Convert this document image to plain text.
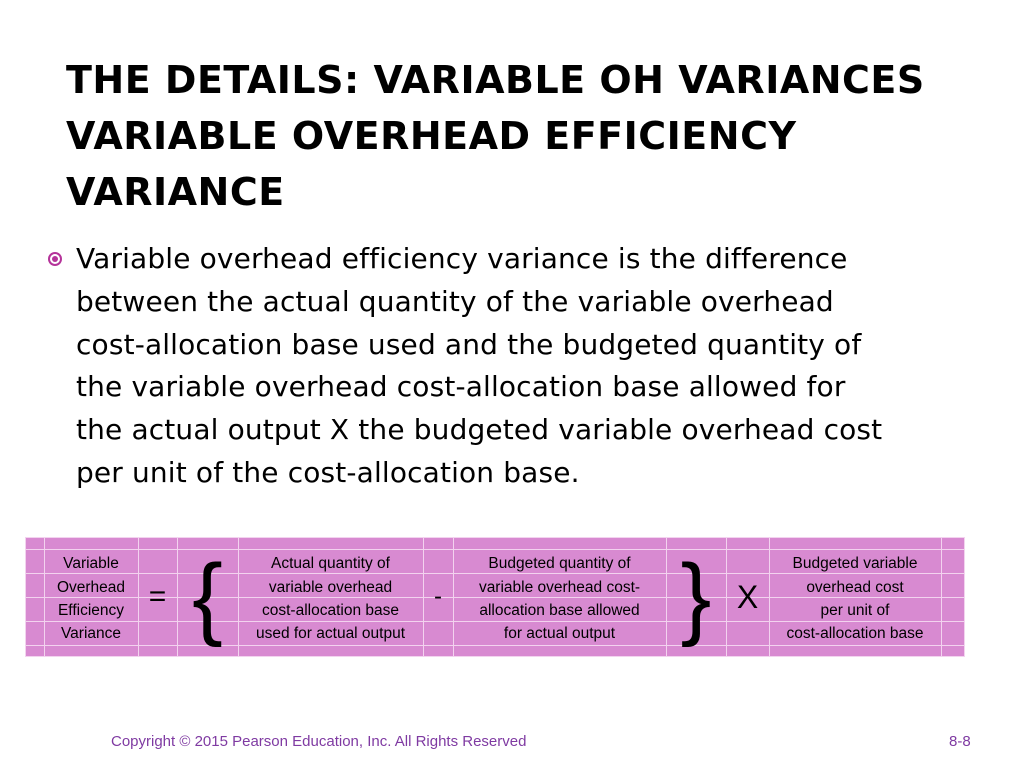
THE DETAILS: VARIABLE OH VARIANCES
VARIABLE OVERHEAD EFFICIENCY
VARIANCE
Variable overhead efficiency variance is the difference
between the actual quantity of the variable overhead
cost-allocation base used and the budgeted quantity of
the variable overhead cost-allocation base allowed for
the actual output X the budgeted variable overhead cost
per unit of the cost-allocation base.
Variable
Overhead
Efficiency
Variance
= {	Actual quantity of
variable overhead
cost-allocation base
used for actual output
-
Budgeted quantity of
variable overhead cost-
allocation base allowed
for actual output } X
Budgeted variable
overhead cost
per unit of
cost-allocation base
Copyright © 2015 Pearson Education, Inc. All Rights Reserved	8-8
